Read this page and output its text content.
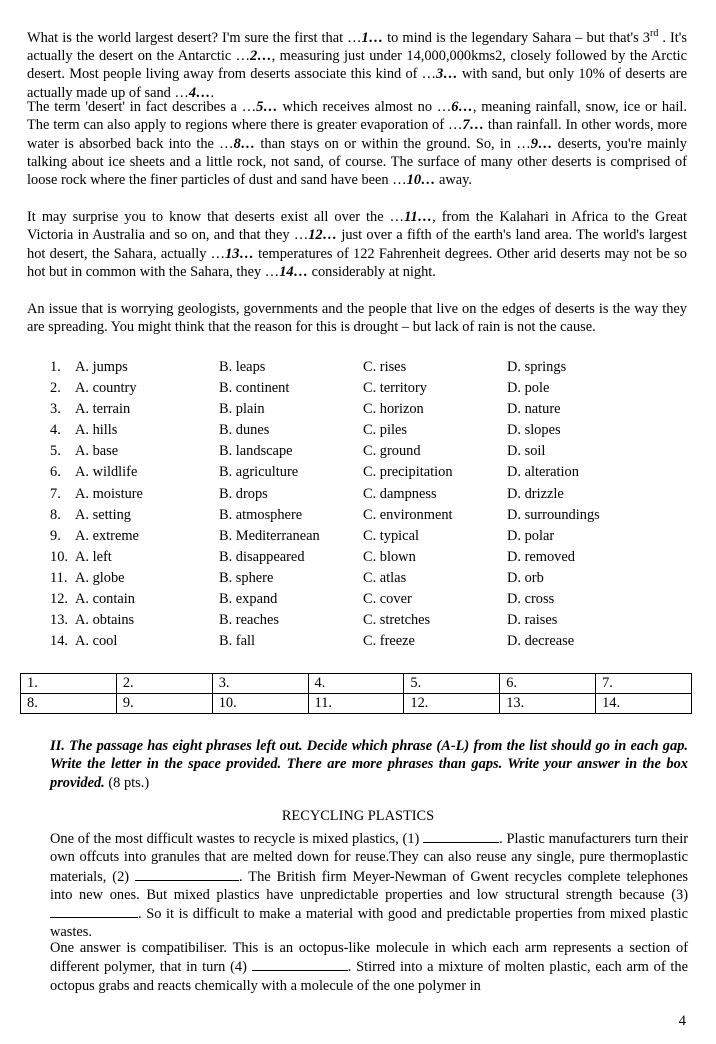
What is the world largest desert? I'm sure the first that …1… to mind is the legendary Sahara – but that's 3rd . It's actually the desert on the Antarctic …2…, measuring just under 14,000,000kms2, closely followed by the Arctic desert. Most people living away from deserts associate this kind of …3… with sand, but only 10% of deserts are actually made up of sand …4….

The term 'desert' in fact describes a …5… which receives almost no …6…, meaning rainfall, snow, ice or hail. The term can also apply to regions where there is greater evaporation of …7… than rainfall. In other words, more water is absorbed back into the …8… than stays on or within the ground. So, in …9… deserts, you're mainly talking about ice sheets and a little rock, not sand, of course. The surface of many other deserts is comprised of loose rock where the finer particles of dust and sand have been …10… away.

It may surprise you to know that deserts exist all over the …11…, from the Kalahari in Africa to the Great Victoria in Australia and so on, and that they …12… just over a fifth of the earth's land area. The world's largest hot desert, the Sahara, actually …13… temperatures of 122 Fahrenheit degrees. Other arid deserts may not be so hot but in common with the Sahara, they …14… considerably at night.

An issue that is worrying geologists, governments and the people that live on the edges of deserts is the way they are spreading. You might think that the reason for this is drought – but lack of rain is not the cause.

1. A. jumps	B. leaps	C. rises	D. springs
2. A. country	B. continent	C. territory	D. pole
3. A. terrain	B. plain	C. horizon	D. nature
4. A. hills	B. dunes	C. piles	D. slopes
5. A. base	B. landscape	C. ground	D. soil
6. A. wildlife	B. agriculture	C. precipitation	D. alteration
7. A. moisture	B. drops	C. dampness	D. drizzle
8. A. setting	B. atmosphere	C. environment	D. surroundings
9. A. extreme	B. Mediterranean	C. typical	D. polar
10. A. left	B. disappeared	C. blown	D. removed
11. A. globe	B. sphere	C. atlas	D. orb
12. A. contain	B. expand	C. cover	D. cross
13. A. obtains	B. reaches	C. stretches	D. raises
14. A. cool	B. fall	C. freeze	D. decrease
1.	2.	3.	4.	5.	6.	7.
8.	9.	10.	11.	12.	13.	14.

II. The passage has eight phrases left out. Decide which phrase (A-L) from the list should go in each gap. Write the letter in the space provided. There are more phrases than gaps. Write your answer in the box provided. (8 pts.)

RECYCLING PLASTICS

One of the most difficult wastes to recycle is mixed plastics, (1)	. Plastic manufacturers turn their own offcuts into granules that are melted down for reuse.They can also reuse any single, pure thermoplastic materials, (2)	. The British firm Meyer-Newman of Gwent recycles complete telephones into new ones. But mixed plastics have unpredictable properties and low structural strength because (3) . So it is difficult to make a material with good and predictable properties from mixed plastic wastes.

One answer is compatibiliser. This is an octopus-like molecule in which each arm represents a section of different polymer, that in turn (4)	. Stirred into a mixture of molten plastic, each arm of the octopus grabs and reacts chemically with a molecule of the one polymer in

4
